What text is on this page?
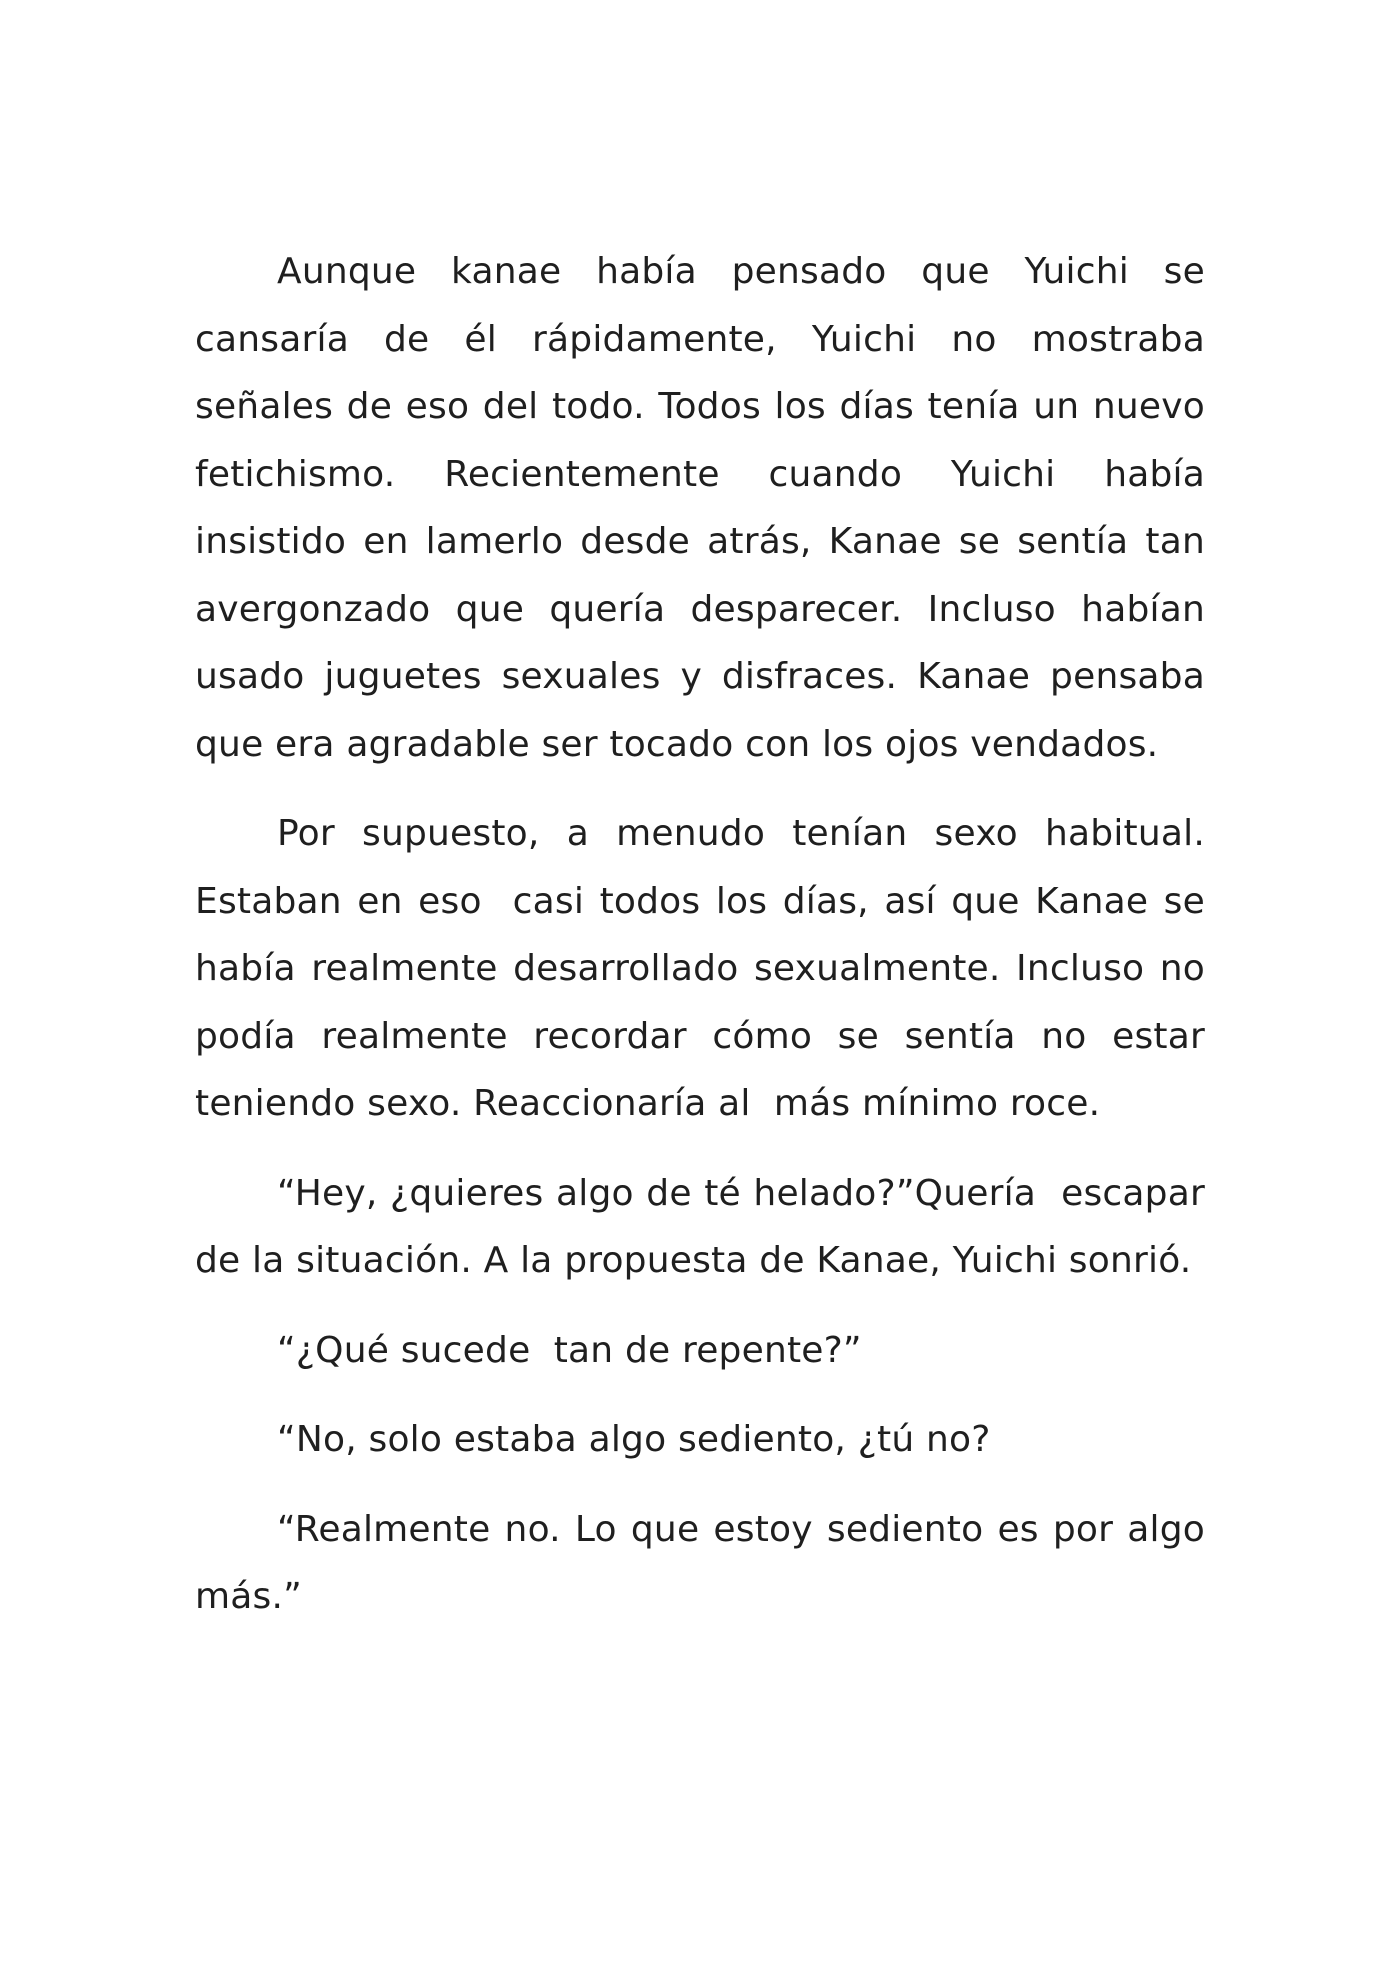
Aunque kanae había pensado que Yuichi se cansaría de él rápidamente, Yuichi no mostraba señales de eso del todo. Todos los días tenía un nuevo fetichismo. Recientemente cuando Yuichi había insistido en lamerlo desde atrás, Kanae se sentía tan avergonzado que quería desparecer. Incluso habían usado juguetes sexuales y disfraces. Kanae pensaba que era agradable ser tocado con los ojos vendados.

Por supuesto, a menudo tenían sexo habitual. Estaban en eso  casi todos los días, así que Kanae se había realmente desarrollado sexualmente. Incluso no podía realmente recordar cómo se sentía no estar teniendo sexo. Reaccionaría al  más mínimo roce.

“Hey, ¿quieres algo de té helado?”Quería  escapar de la situación. A la propuesta de Kanae, Yuichi sonrió.

“¿Qué sucede  tan de repente?”

“No, solo estaba algo sediento, ¿tú no?

“Realmente no. Lo que estoy sediento es por algo más.”
